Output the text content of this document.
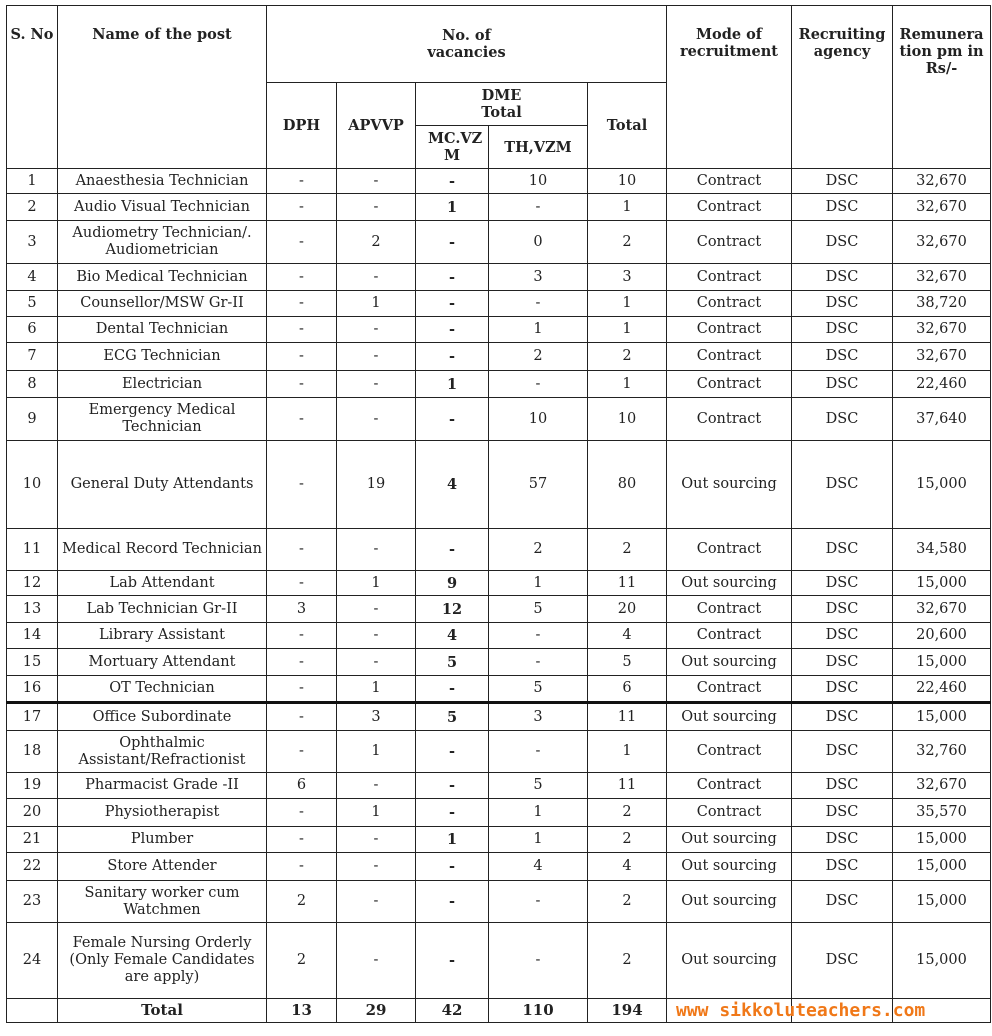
S. No	Name of the post	No. of vacancies					Mode of recruitment	Recruiting agency	Remunera tion pm in Rs/-
		DPH	APVVP	DME Total		Total			
				MC.VZ M	TH,VZM				
1	Anaesthesia Technician	-	-	-	10	10	Contract	DSC	32,670
2	Audio Visual Technician	-	-	1	-	1	Contract	DSC	32,670
3	Audiometry Technician/. Audiometrician	-	2	-	0	2	Contract	DSC	32,670
4	Bio Medical Technician	-	-	-	3	3	Contract	DSC	32,670
5	Counsellor/MSW Gr-II	-	1	-	-	1	Contract	DSC	38,720
6	Dental Technician	-	-	-	1	1	Contract	DSC	32,670
7	ECG Technician	-	-	-	2	2	Contract	DSC	32,670
8	Electrician	-	-	1	-	1	Contract	DSC	22,460
9	Emergency Medical Technician	-	-	-	10	10	Contract	DSC	37,640
10	General Duty Attendants	-	19	4	57	80	Out sourcing	DSC	15,000
11	Medical Record Technician	-	-	-	2	2	Contract	DSC	34,580
12	Lab Attendant	-	1	9	1	11	Out sourcing	DSC	15,000
13	Lab Technician Gr-II	3	-	12	5	20	Contract	DSC	32,670
14	Library Assistant	-	-	4	-	4	Contract	DSC	20,600
15	Mortuary Attendant	-	-	5	-	5	Out sourcing	DSC	15,000
16	OT Technician	-	1	-	5	6	Contract	DSC	22,460
17	Office Subordinate	-	3	5	3	11	Out sourcing	DSC	15,000
18	Ophthalmic Assistant/Refractionist	-	1	-	-	1	Contract	DSC	32,760
19	Pharmacist Grade -II	6	-	-	5	11	Contract	DSC	32,670
20	Physiotherapist	-	1	-	1	2	Contract	DSC	35,570
21	Plumber	-	-	1	1	2	Out sourcing	DSC	15,000
22	Store Attender	-	-	-	4	4	Out sourcing	DSC	15,000
23	Sanitary worker cum Watchmen	2	-	-	-	2	Out sourcing	DSC	15,000
24	Female Nursing Orderly (Only Female Candidates are apply)	2	-	-	-	2	Out sourcing	DSC	15,000
	Total	13	29	42	110	194			www sikkoluteachers.com
